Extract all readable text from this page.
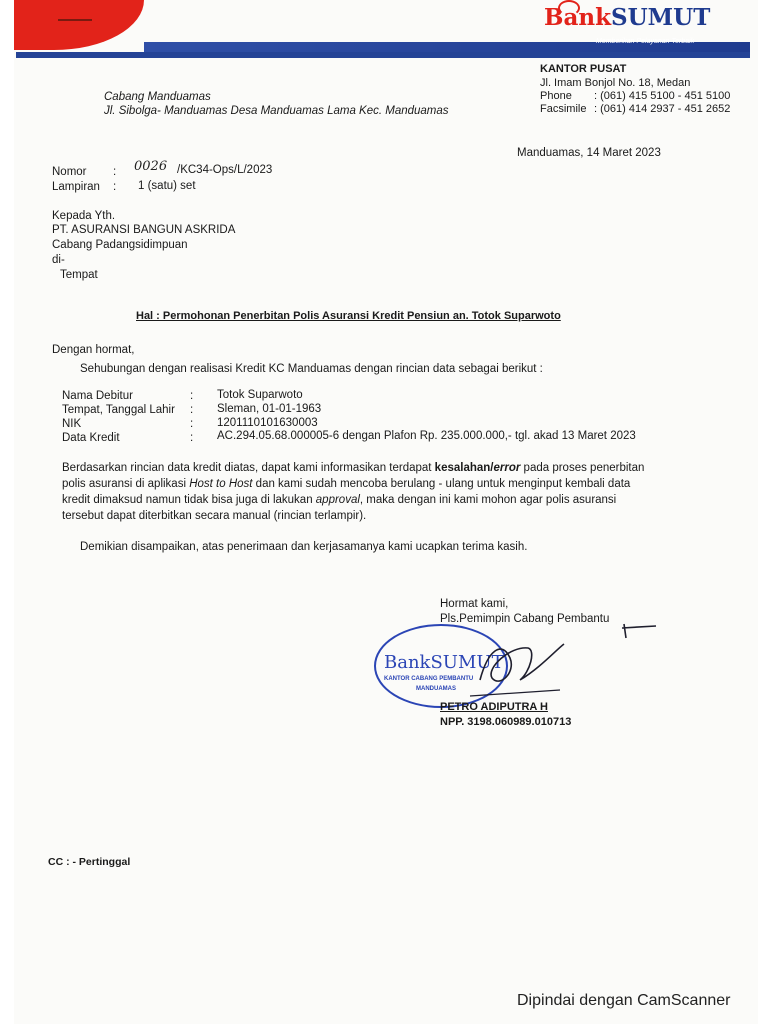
BankSUMUT
Memberikan Pelayanan Terbaik
KANTOR PUSAT
Jl. Imam Bonjol No. 18, Medan
Phone : (061) 415 5100 - 451 5100
Facsimile : (061) 414 2937 - 451 2652
Cabang Manduamas
Jl. Sibolga- Manduamas Desa Manduamas Lama Kec. Manduamas
Manduamas, 14 Maret 2023
Nomor : 0026 /KC34-Ops/L/2023
Lampiran : 1 (satu) set
Kepada Yth.
PT. ASURANSI BANGUN ASKRIDA
Cabang Padangsidimpuan
di-
Tempat
Hal : Permohonan Penerbitan Polis Asuransi Kredit Pensiun an. Totok Suparwoto
Dengan hormat,
Sehubungan dengan realisasi Kredit KC Manduamas dengan rincian data sebagai berikut :
Nama Debitur	: Totok Suparwoto
Tempat, Tanggal Lahir : Sleman, 01-01-1963
NIK	: 1201110101630003
Data Kredit	: AC.294.05.68.000005-6 dengan Plafon Rp. 235.000.000,- tgl. akad 13 Maret 2023
Berdasarkan rincian data kredit diatas, dapat kami informasikan terdapat kesalahan/error pada proses penerbitan
polis asuransi di aplikasi Host to Host dan kami sudah mencoba berulang - ulang untuk menginput kembali data
kredit dimaksud namun tidak bisa juga di lakukan approval, maka dengan ini kami mohon agar polis asuransi
tersebut dapat diterbitkan secara manual (rincian terlampir).
Demikian disampaikan, atas penerimaan dan kerjasamanya kami ucapkan terima kasih.
Hormat kami,
Pls.Pemimpin Cabang Pembantu
BankSUMUT
KANTOR CABANG PEMBANTU
MANDUAMAS
PETRO ADIPUTRA H
NPP. 3198.060989.010713
CC : - Pertinggal
Dipindai dengan CamScanner
